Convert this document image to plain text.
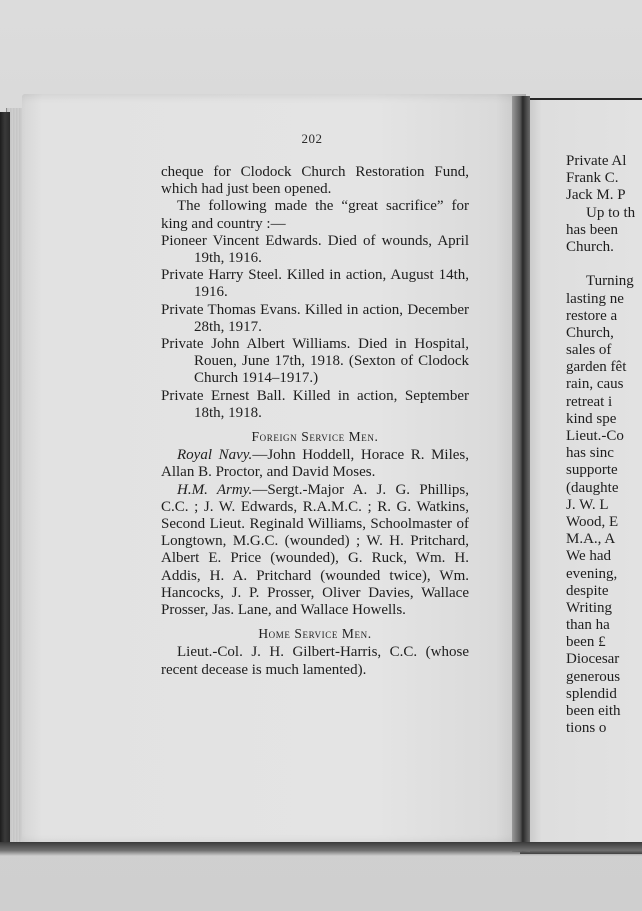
202

cheque for Clodock Church Restoration Fund, which had just been opened.

The following made the “great sacrifice” for king and country :—

Pioneer Vincent Edwards. Died of wounds, April 19th, 1916.

Private Harry Steel. Killed in action, August 14th, 1916.

Private Thomas Evans. Killed in action, December 28th, 1917.

Private John Albert Williams. Died in Hospital, Rouen, June 17th, 1918. (Sexton of Clodock Church 1914–1917.)

Private Ernest Ball. Killed in action, September 18th, 1918.

Foreign Service Men.

Royal Navy.—John Hoddell, Horace R. Miles, Allan B. Proctor, and David Moses.

H.M. Army.—Sergt.-Major A. J. G. Phillips, C.C. ; J. W. Edwards, R.A.M.C. ; R. G. Watkins, Second Lieut. Reginald Williams, Schoolmaster of Longtown, M.G.C. (wounded) ; W. H. Pritchard, Albert E. Price (wounded), G. Ruck, Wm. H. Addis, H. A. Pritchard (wounded twice), Wm. Hancocks, J. P. Prosser, Oliver Davies, Wallace Prosser, Jas. Lane, and Wallace Howells.

Home Service Men.

Lieut.-Col. J. H. Gilbert-Harris, C.C. (whose recent decease is much lamented).

Private Al
Frank C.
Jack M. P
Up to th
has been
Church.
Turning
lasting ne
restore a
Church,
sales of
garden fêt
rain, caus
retreat i
kind spe
Lieut.-Co
has sinc
supporte
(daughte
J. W. L
Wood, E
M.A., A
We had
evening,
despite
Writing
than ha
been £
Diocesar
generous
splendid
been eith
tions o
